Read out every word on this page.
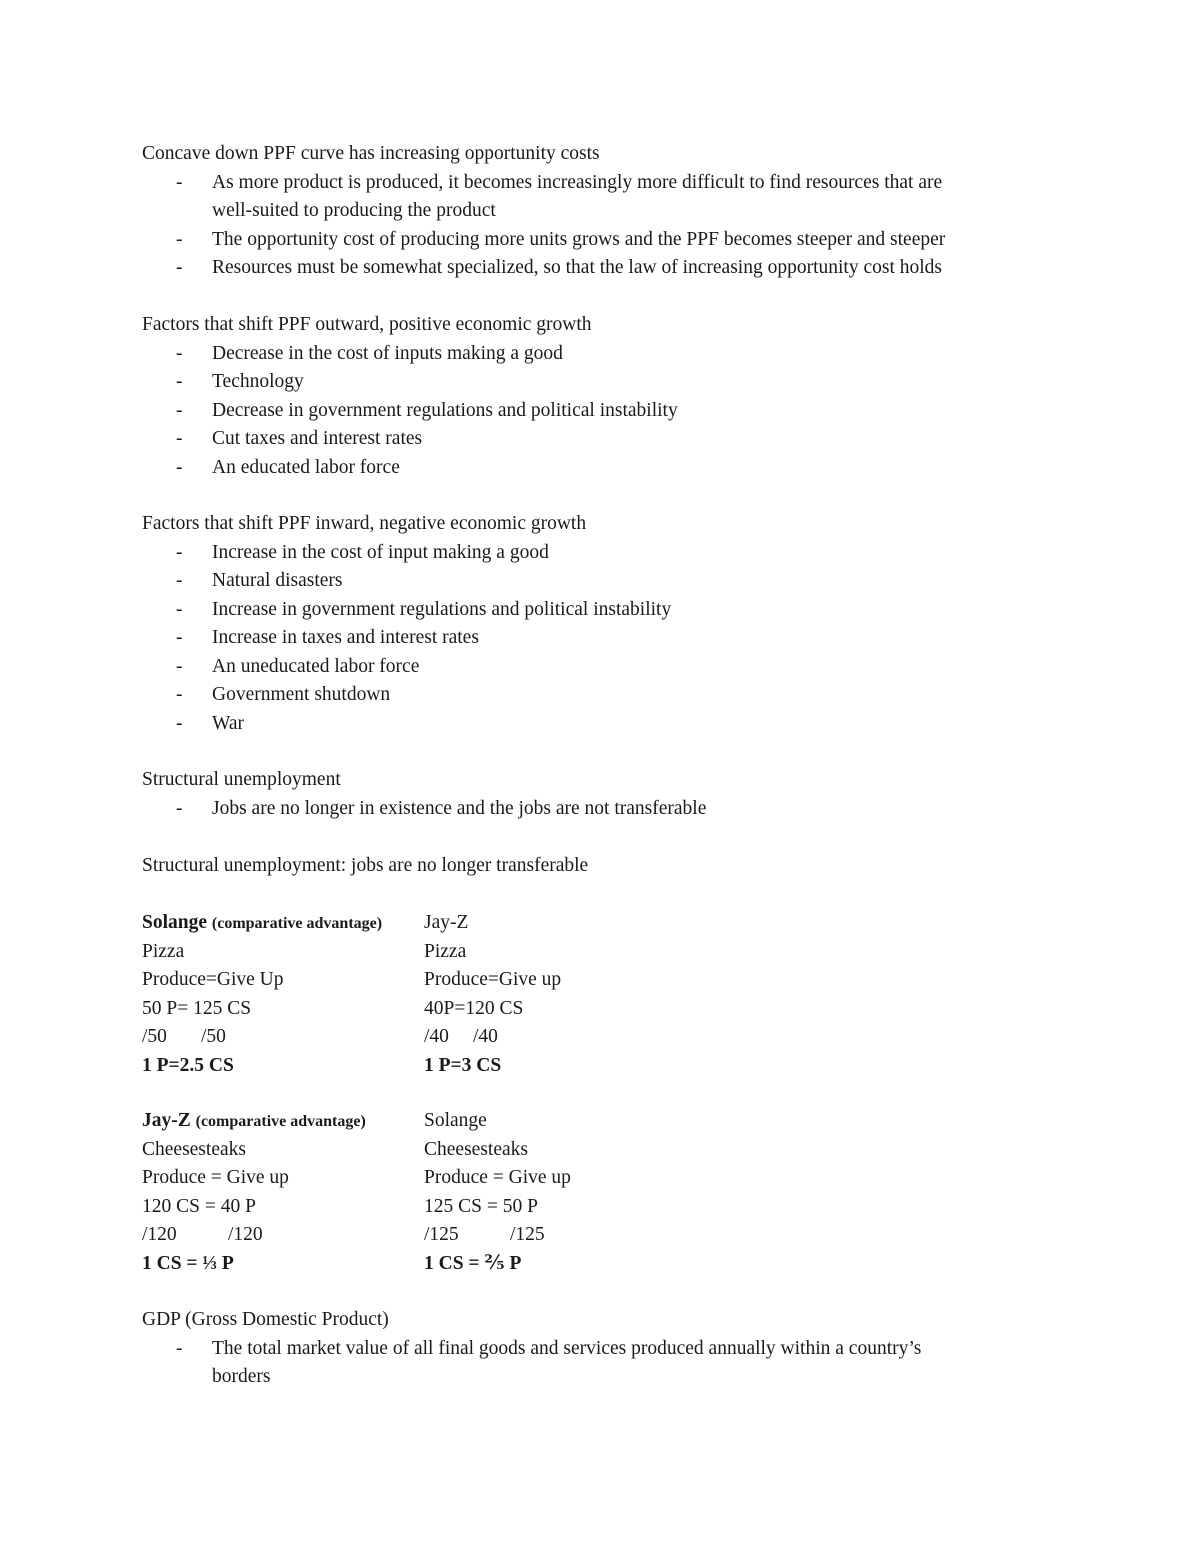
Concave down PPF curve has increasing opportunity costs
- As more product is produced, it becomes increasingly more difficult to find resources that are
well-suited to producing the product
- The opportunity cost of producing more units grows and the PPF becomes steeper and steeper
- Resources must be somewhat specialized, so that the law of increasing opportunity cost holds
Factors that shift PPF outward, positive economic growth
- Decrease in the cost of inputs making a good
- Technology
- Decrease in government regulations and political instability
- Cut taxes and interest rates
- An educated labor force
Factors that shift PPF inward, negative economic growth
- Increase in the cost of input making a good
- Natural disasters
- Increase in government regulations and political instability
- Increase in taxes and interest rates
- An uneducated labor force
- Government shutdown
- War
Structural unemployment
- Jobs are no longer in existence and the jobs are not transferable
Structural unemployment: jobs are no longer transferable
Solange (comparative advantage)
Pizza
Produce=Give Up
50 P= 125 CS
/50 /50
1 P=2.5 CS
Jay-Z
Pizza
Produce=Give up
40P=120 CS
/40 /40
1 P=3 CS
Jay-Z (comparative advantage)
Cheesesteaks
Produce = Give up
120 CS = 40 P
/120	/120
1 CS = ⅓ P
Solange
Cheesesteaks
Produce = Give up
125 CS = 50 P
/125	/125
1 CS = ⅖ P
GDP (Gross Domestic Product)
- The total market value of all final goods and services produced annually within a country’s
borders
